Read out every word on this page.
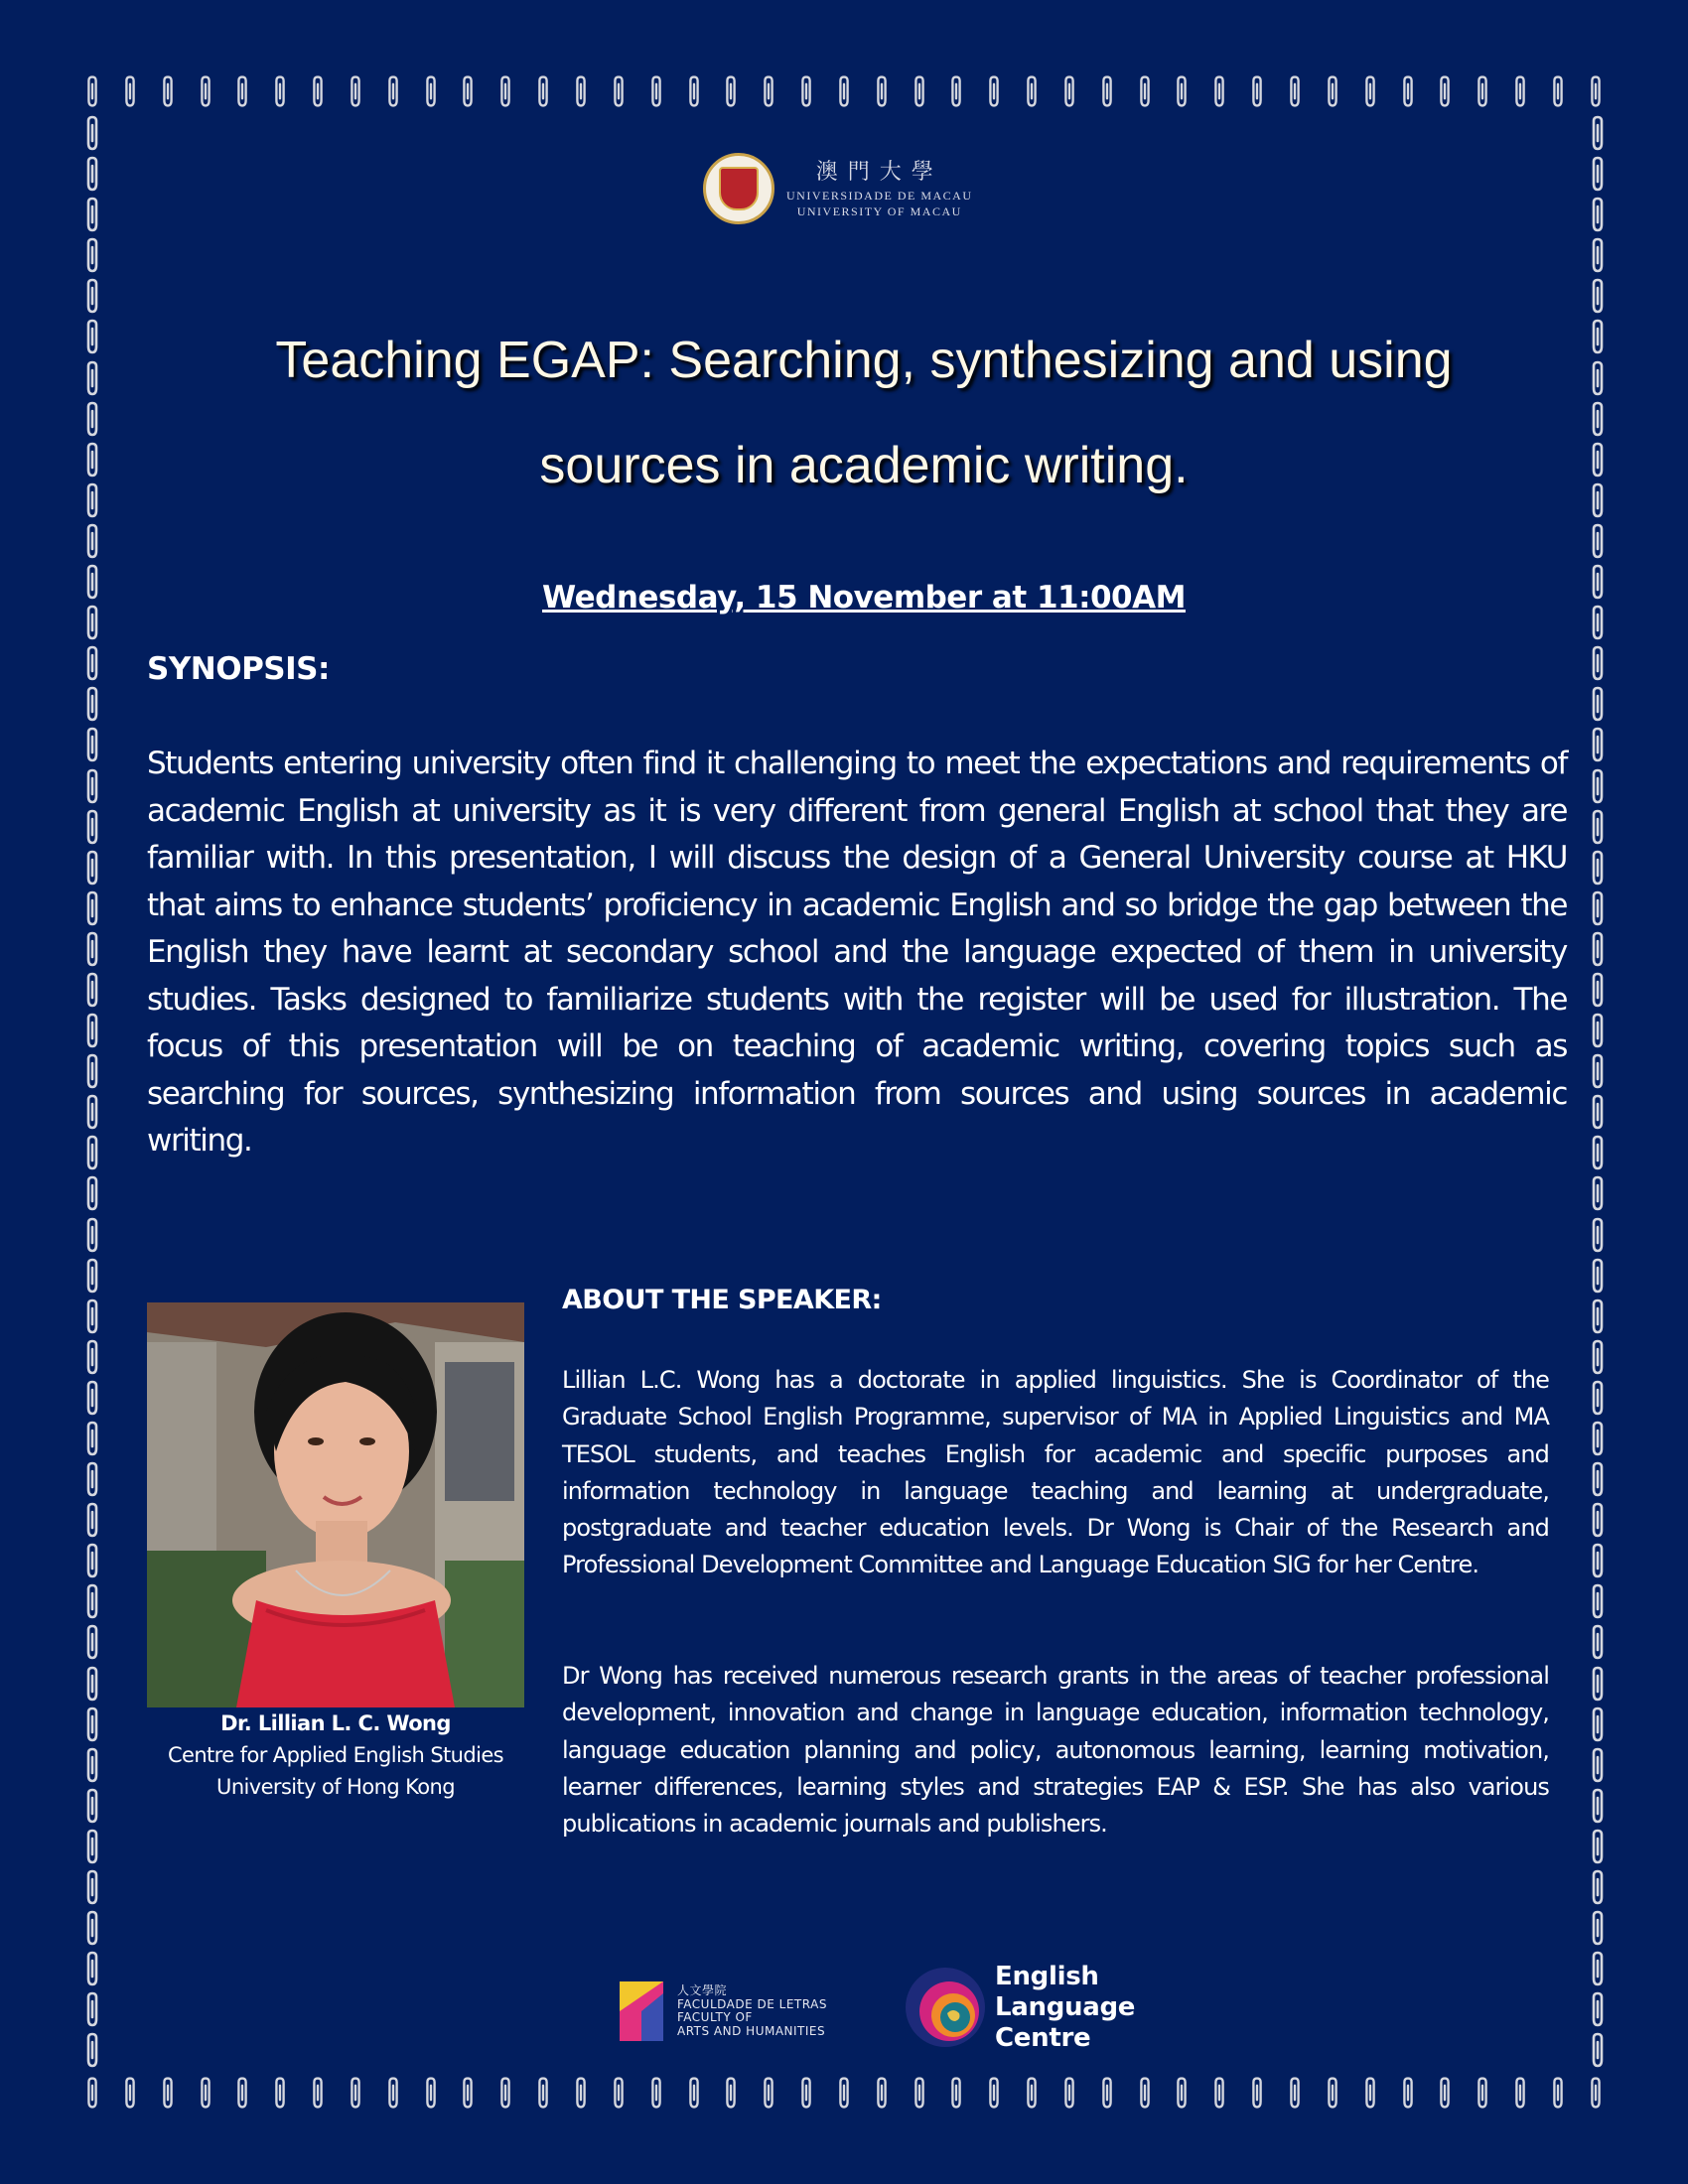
澳門大學
UNIVERSIDADE DE MACAU
UNIVERSITY OF MACAU
Teaching EGAP: Searching, synthesizing and using
sources in academic writing.
Wednesday, 15 November at 11:00AM
SYNOPSIS:

Students entering university often find it challenging to meet the expectations and requirements of academic English at university as it is very different from general English at school that they are familiar with. In this presentation, I will discuss the design of a General University course at HKU that aims to enhance students’ proficiency in academic English and so bridge the gap between the English they have learnt at secondary school and the language expected of them in university studies. Tasks designed to familiarize students with the register will be used for illustration. The focus of this presentation will be on teaching of academic writing, covering topics such as searching for sources, synthesizing information from sources and using sources in academic writing.

Dr. Lillian L. C. Wong
Centre for Applied English Studies
University of Hong Kong
ABOUT THE SPEAKER:

Lillian L.C. Wong has a doctorate in applied linguistics. She is Coordinator of the Graduate School English Programme, supervisor of MA in Applied Linguistics and MA TESOL students, and teaches English for academic and specific purposes and information technology in language teaching and learning at undergraduate, postgraduate and teacher education levels. Dr Wong is Chair of the Research and Professional Development Committee and Language Education SIG for her Centre.

Dr Wong has received numerous research grants in the areas of teacher professional development, innovation and change in language education, information technology, language education planning and policy, autonomous learning, learning motivation, learner differences, learning styles and strategies EAP & ESP. She has also various publications in academic journals and publishers.

人文學院
FACULDADE DE LETRAS
FACULTY OF
ARTS AND HUMANITIES
English
Language
Centre
